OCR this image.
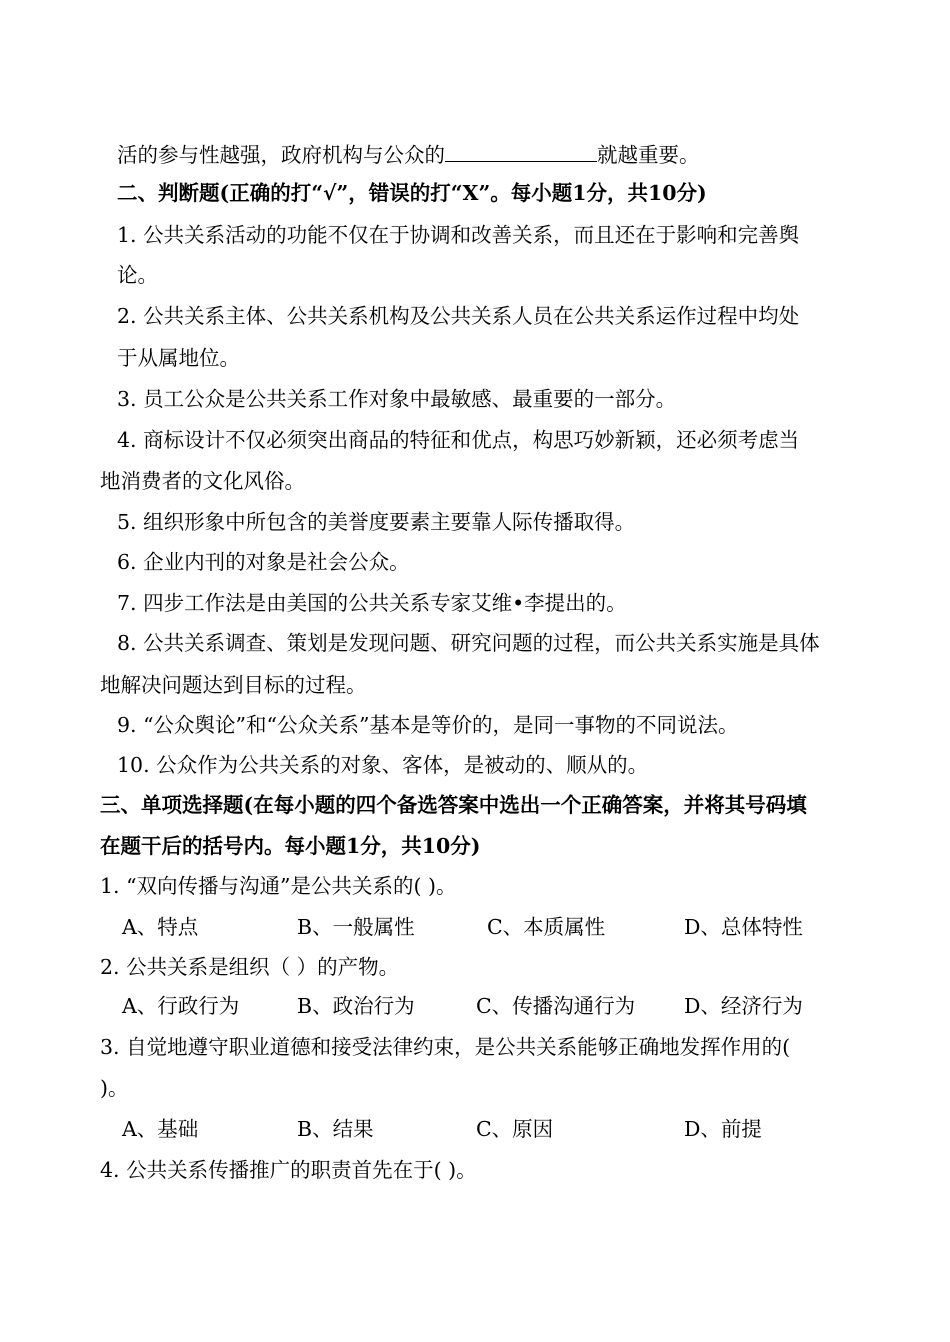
活的参与性越强，政府机构与公众的	就越重要。
二、判断题(正确的打“√”，错误的打“X”。每小题1分，共10分)
1. 公共关系活动的功能不仅在于协调和改善关系，而且还在于影响和完善舆
论。
2. 公共关系主体、公共关系机构及公共关系人员在公共关系运作过程中均处
于从属地位。
3. 员工公众是公共关系工作对象中最敏感、最重要的一部分。
4. 商标设计不仅必须突出商品的特征和优点，构思巧妙新颖，还必须考虑当
地消费者的文化风俗。
5. 组织形象中所包含的美誉度要素主要靠人际传播取得。
6. 企业内刊的对象是社会公众。
7. 四步工作法是由美国的公共关系专家艾维•李提出的。
8. 公共关系调查、策划是发现问题、研究问题的过程，而公共关系实施是具体
地解决问题达到目标的过程。
9. “公众舆论”和“公众关系”基本是等价的，是同一事物的不同说法。
10. 公众作为公共关系的对象、客体，是被动的、顺从的。
三、单项选择题(在每小题的四个备选答案中选出一个正确答案，并将其号码填
在题干后的括号内。每小题1分，共10分)
1. “双向传播与沟通”是公共关系的( )。
A、特点	B、一般属性	C、本质属性	D、总体特性
2. 公共关系是组织（ ）的产物。
A、行政行为	B、政治行为	C、传播沟通行为 D、经济行为
3. 自觉地遵守职业道德和接受法律约束，是公共关系能够正确地发挥作用的(
)。
A、基础	B、结果	C、原因	D、前提
4. 公共关系传播推广的职责首先在于( )。
